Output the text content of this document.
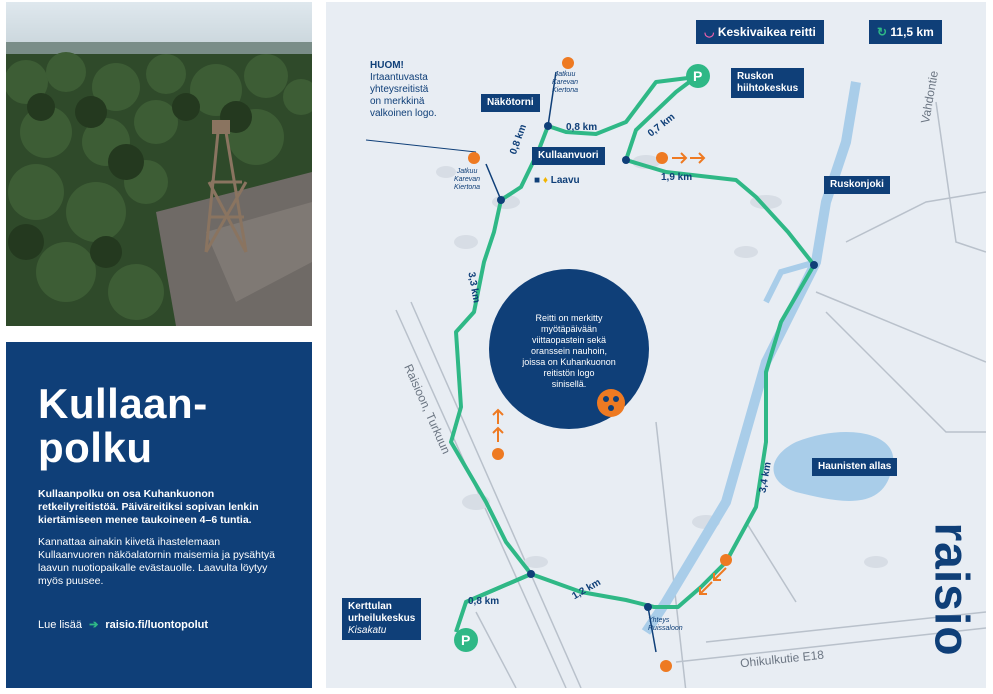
Kullaan-
polku

Kullaanpolku on osa Kuhankuonon retkeilyreitistöä. Päiväreitiksi sopivan lenkin kiertämiseen menee taukoineen 4–6 tuntia.

Kannattaa ainakin kiivetä ihastelemaan Kullaanvuoren näköalatornin maisemia ja pysähtyä laavun nuotiopaikalle evästauolle. Laavulta löytyy myös puusee.

Lue lisää ➔ raisio.fi/luontopolut
◡ Keskivaikea reitti	↻ 11,5 km
HUOM!
Irtaantuvasta
yhteysreitistä
on merkkinä
valkoinen logo.
Näkötorni
Kullaanvuori
■ ♦ Laavu
Ruskon
hiihtokeskus
Ruskonjoki
Haunisten allas
Kerttulan
urheilukeskus
Kisakatu
Jatkuu
Karevan
Kiertona
Jatkuu
Karevan
Kiertona
Yhteys
Ruissaloon
0,8 km	0,8 km	0,7 km
1,9 km
3,3 km
3,4 km
1,2 km
0,8 km
P
P
Vahdontie
Raisioon, Turkuun
Ohikulkutie E18
Reitti on merkitty
myötäpäivään
viittaopastein sekä
oranssein nauhoin,
joissa on Kuhankuonon
reitistön logo
sinisellä.
raisio
